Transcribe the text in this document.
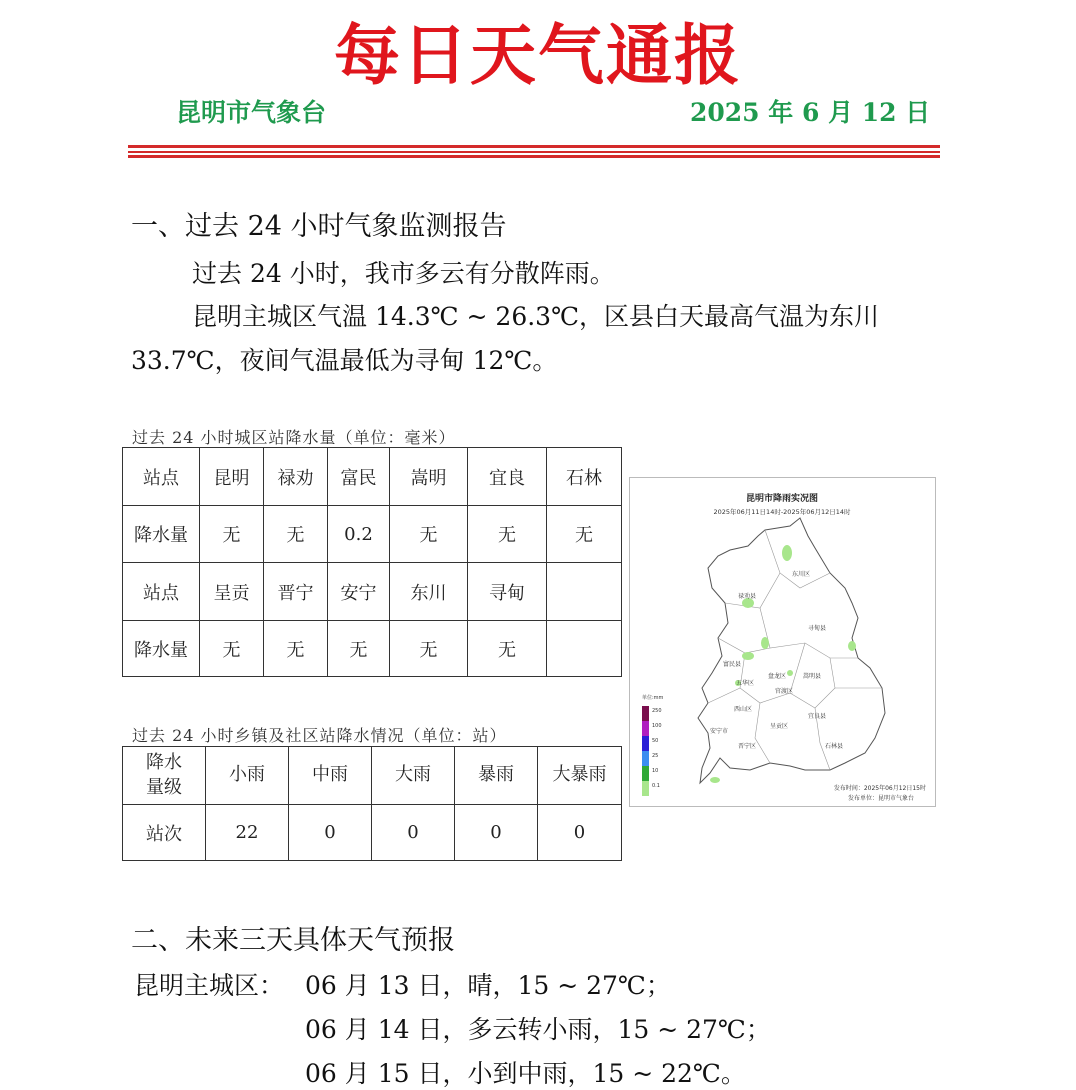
每日天气通报
昆明市气象台	2025 年 6 月 12 日
一、过去 24 小时气象监测报告

过去 24 小时，我市多云有分散阵雨。

昆明主城区气温 14.3℃ ~ 26.3℃，区县白天最高气温为东川

33.7℃，夜间气温最低为寻甸 12℃。

过去 24 小时城区站降水量（单位：毫米）
站点	昆明	禄劝	富民	嵩明	宜良	石林
降水量	无	无	0.2	无	无	无
站点	呈贡	晋宁	安宁	东川	寻甸	
降水量	无	无	无	无	无	
过去 24 小时乡镇及社区站降水情况（单位：站）
降水
量级	小雨	中雨	大雨	暴雨	大暴雨
站次	22	0	0	0	0
昆明市降雨实况图
2025年06月11日14时-2025年06月12日14时
东川区
禄劝县
寻甸县
富民县
嵩明县
五华区
盘龙区
官渡区
西山区
宜良县
安宁市
呈贡区
晋宁区	石林县
单位:mm
250
100
50
25
10
0.1	发布时间：2025年06月12日15时
发布单位：昆明市气象台
二、未来三天具体天气预报

昆明主城区： 06 月 13 日，晴，15 ~ 27℃；

06 月 14 日，多云转小雨，15 ~ 27℃；

06 月 15 日，小到中雨，15 ~ 22℃。
